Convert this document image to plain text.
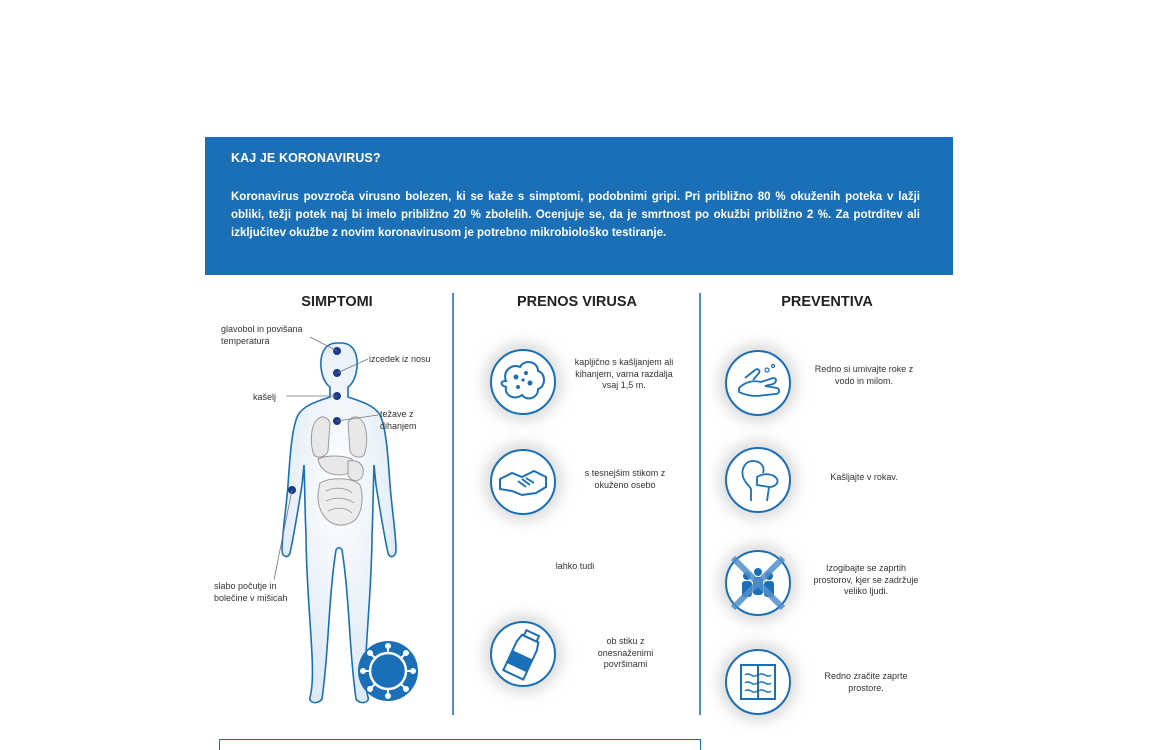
KAJ JE KORONAVIRUS?

Koronavirus povzroča virusno bolezen, ki se kaže s simptomi, podobnimi gripi. Pri približno 80 % okuženih poteka v lažji obliki, težji potek naj bi imelo približno 20 % zbolelih. Ocenjuje se, da je smrtnost po okužbi približno 2 %. Za potrditev ali izključitev okužbe z novim koronavirusom je potrebno mikrobiološko testiranje.

SIMPTOMI	PRENOS VIRUSA	PREVENTIVA
glavobol in povišana temperatura
izcedek iz nosu
kašelj
težave z
dihanjem
slabo počutje in bolečine v mišicah
kapljično s kašljanjem ali kihanjem, varna razdalja vsaj 1,5 m.
s tesnejšim stikom z okuženo osebo
lahko tudi
ob stiku z onesnaženimi površinami
Redno si umivajte roke z vodo in milom.
Kašljajte v rokav.
Izogibajte se zaprtih prostorov, kjer se zadržuje veliko ljudi.
Redno zračite zaprte prostore.
